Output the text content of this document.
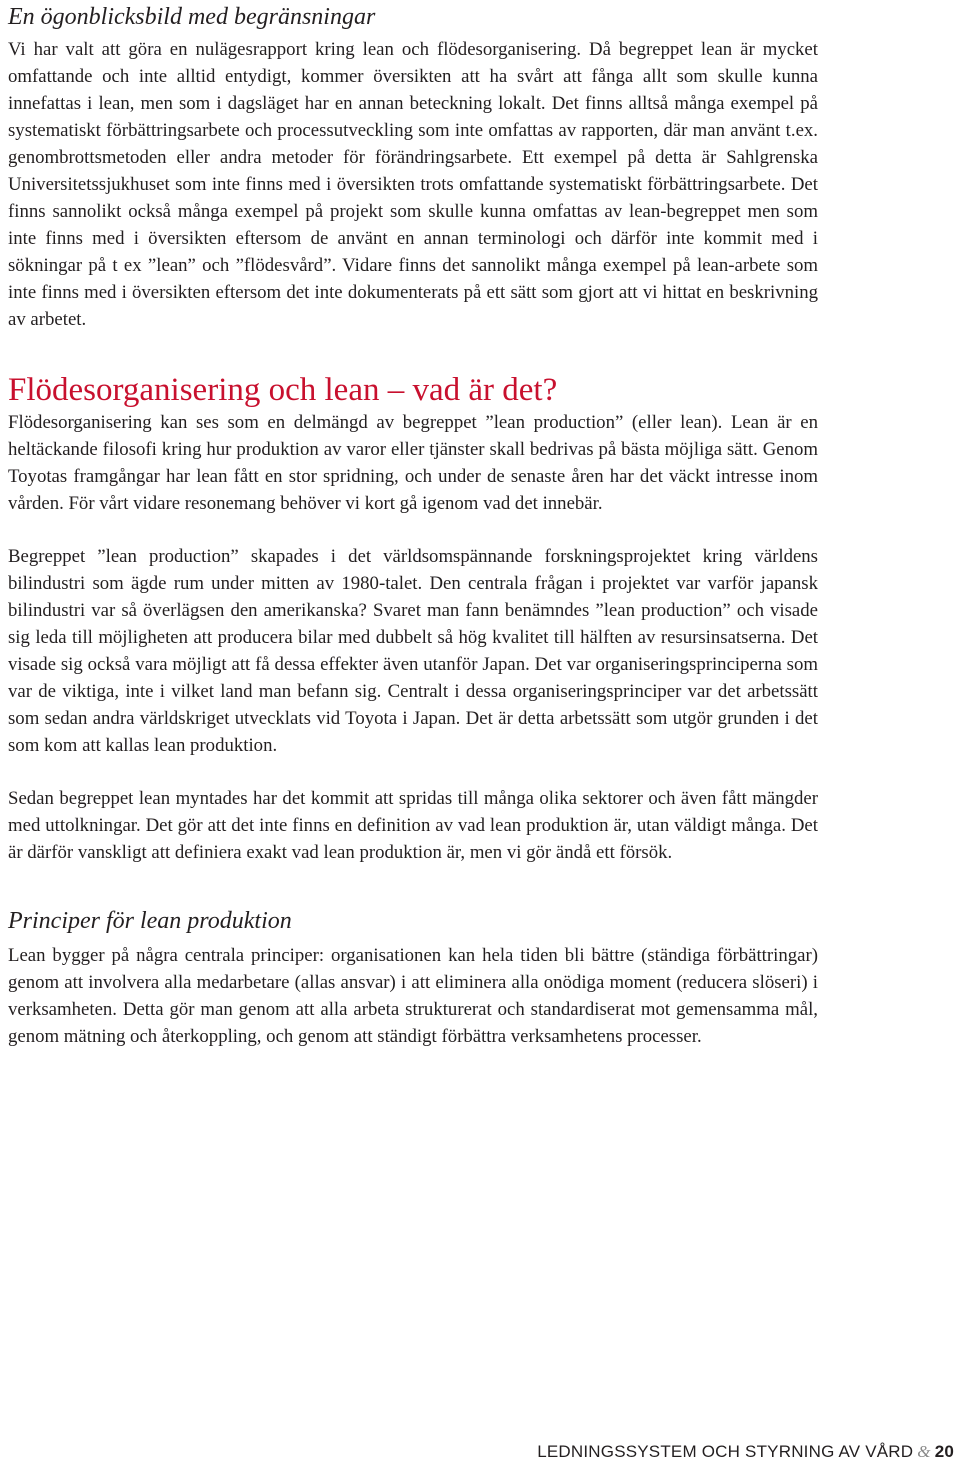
En ögonblicksbild med begränsningar

Vi har valt att göra en nulägesrapport kring lean och flödesorganisering. Då begreppet lean är mycket omfattande och inte alltid entydigt, kommer översikten att ha svårt att fånga allt som skulle kunna innefattas i lean, men som i dagsläget har en annan beteckning lokalt. Det finns alltså många exempel på systematiskt förbättringsarbete och processutveckling som inte omfattas av rapporten, där man använt t.ex. genombrottsmetoden eller andra metoder för förändringsarbete. Ett exempel på detta är Sahlgrenska Universitetssjukhuset som inte finns med i översikten trots omfattande systematiskt förbättringsarbete. Det finns sannolikt också många exempel på projekt som skulle kunna omfattas av lean-begreppet men som inte finns med i översikten eftersom de använt en annan terminologi och därför inte kommit med i sökningar på t ex ”lean” och ”flödesvård”. Vidare finns det sannolikt många exempel på lean-arbete som inte finns med i översikten eftersom det inte dokumenterats på ett sätt som gjort att vi hittat en beskrivning av arbetet.

Flödesorganisering och lean – vad är det?

Flödesorganisering kan ses som en delmängd av begreppet ”lean production” (eller lean). Lean är en heltäckande filosofi kring hur produktion av varor eller tjänster skall bedrivas på bästa möjliga sätt. Genom Toyotas framgångar har lean fått en stor spridning, och under de senaste åren har det väckt intresse inom vården. För vårt vidare resonemang behöver vi kort gå igenom vad det innebär.

Begreppet ”lean production” skapades i det världsomspännande forskningsprojektet kring världens bilindustri som ägde rum under mitten av 1980-talet. Den centrala frågan i projektet var varför japansk bilindustri var så överlägsen den amerikanska? Svaret man fann benämndes ”lean production” och visade sig leda till möjligheten att producera bilar med dubbelt så hög kvalitet till hälften av resursinsatserna. Det visade sig också vara möjligt att få dessa effekter även utanför Japan. Det var organiseringsprinciperna som var de viktiga, inte i vilket land man befann sig. Centralt i dessa organiseringsprinciper var det arbetssätt som sedan andra världskriget utvecklats vid Toyota i Japan. Det är detta arbetssätt som utgör grunden i det som kom att kallas lean produktion.

Sedan begreppet lean myntades har det kommit att spridas till många olika sektorer och även fått mängder med uttolkningar. Det gör att det inte finns en definition av vad lean produktion är, utan väldigt många. Det är därför vanskligt att definiera exakt vad lean produktion är, men vi gör ändå ett försök.

Principer för lean produktion

Lean bygger på några centrala principer: organisationen kan hela tiden bli bättre (ständiga förbättringar) genom att involvera alla medarbetare (allas ansvar) i att eliminera alla onödiga moment (reducera slöseri) i verksamheten. Detta gör man genom att alla arbeta strukturerat och standardiserat mot gemensamma mål, genom mätning och återkoppling, och genom att ständigt förbättra verksamhetens processer.

LEDNINGSSYSTEM OCH STYRNING AV VÅRD & 20
